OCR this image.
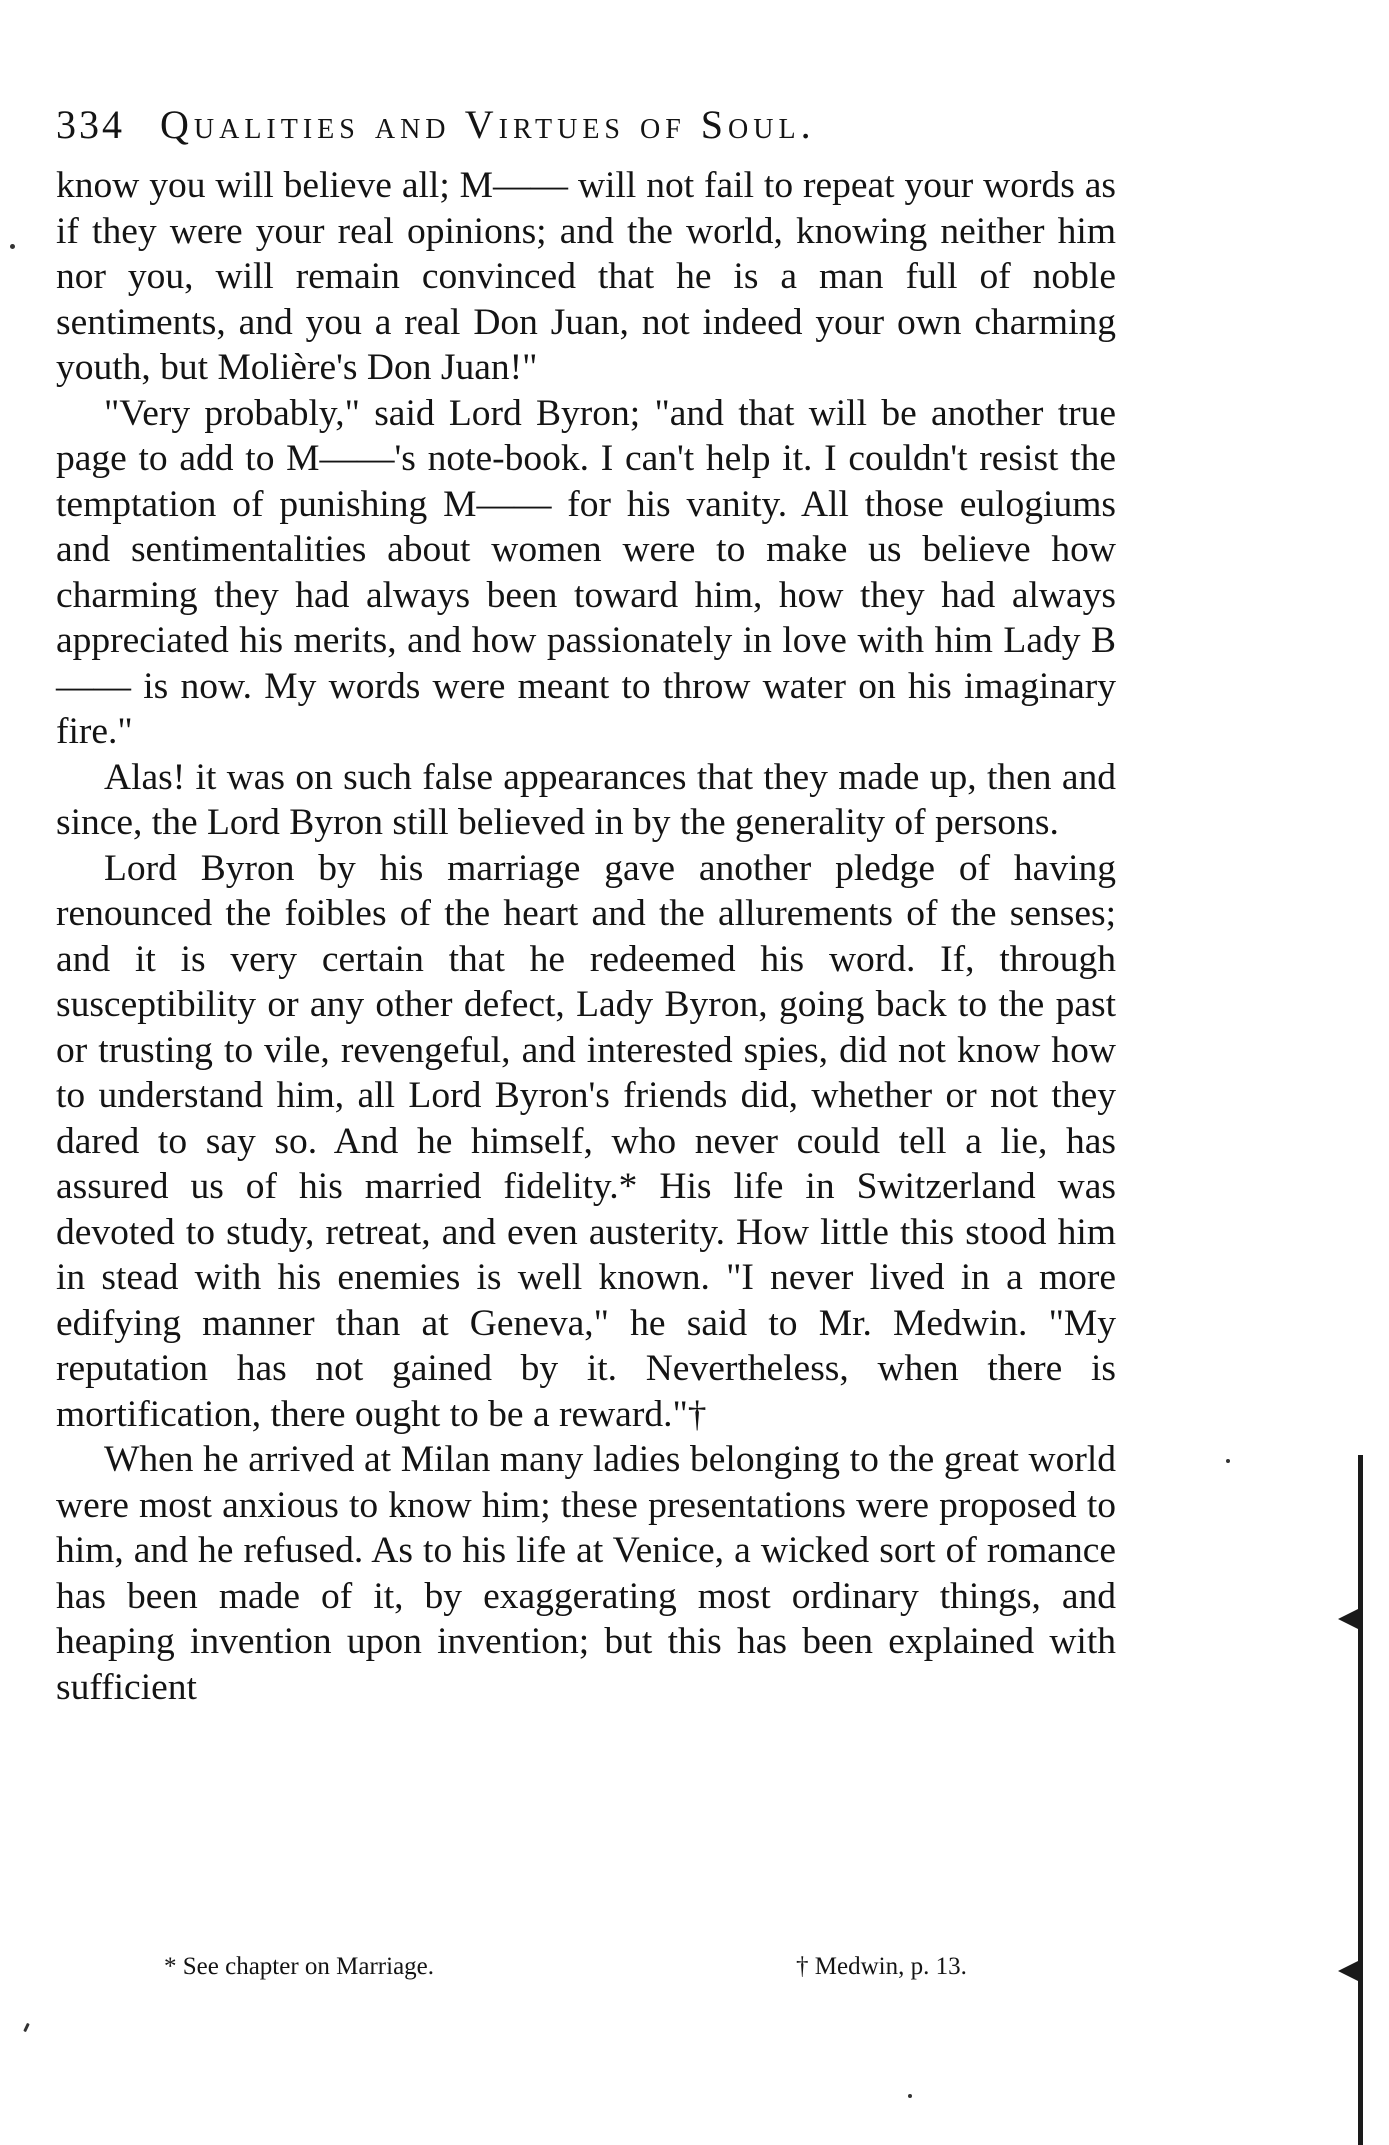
334 Qualities and Virtues of Soul.

know you will believe all; M—— will not fail to repeat your words as if they were your real opinions; and the world, knowing neither him nor you, will remain convinced that he is a man full of noble sentiments, and you a real Don Juan, not indeed your own charming youth, but Molière's Don Juan!"

"Very probably," said Lord Byron; "and that will be another true page to add to M——'s note-book. I can't help it. I couldn't resist the temptation of punishing M—— for his vanity. All those eulogiums and sentimentalities about women were to make us believe how charming they had always been toward him, how they had always appreciated his merits, and how passionately in love with him Lady B—— is now. My words were meant to throw water on his imaginary fire."

Alas! it was on such false appearances that they made up, then and since, the Lord Byron still believed in by the generality of persons.

Lord Byron by his marriage gave another pledge of having renounced the foibles of the heart and the allurements of the senses; and it is very certain that he redeemed his word. If, through susceptibility or any other defect, Lady Byron, going back to the past or trusting to vile, revengeful, and interested spies, did not know how to understand him, all Lord Byron's friends did, whether or not they dared to say so. And he himself, who never could tell a lie, has assured us of his married fidelity.* His life in Switzerland was devoted to study, retreat, and even austerity. How little this stood him in stead with his enemies is well known. "I never lived in a more edifying manner than at Geneva," he said to Mr. Medwin. "My reputation has not gained by it. Nevertheless, when there is mortification, there ought to be a reward."†

When he arrived at Milan many ladies belonging to the great world were most anxious to know him; these presentations were proposed to him, and he refused. As to his life at Venice, a wicked sort of romance has been made of it, by exaggerating most ordinary things, and heaping invention upon invention; but this has been explained with sufficient

* See chapter on Marriage.	† Medwin, p. 13.
